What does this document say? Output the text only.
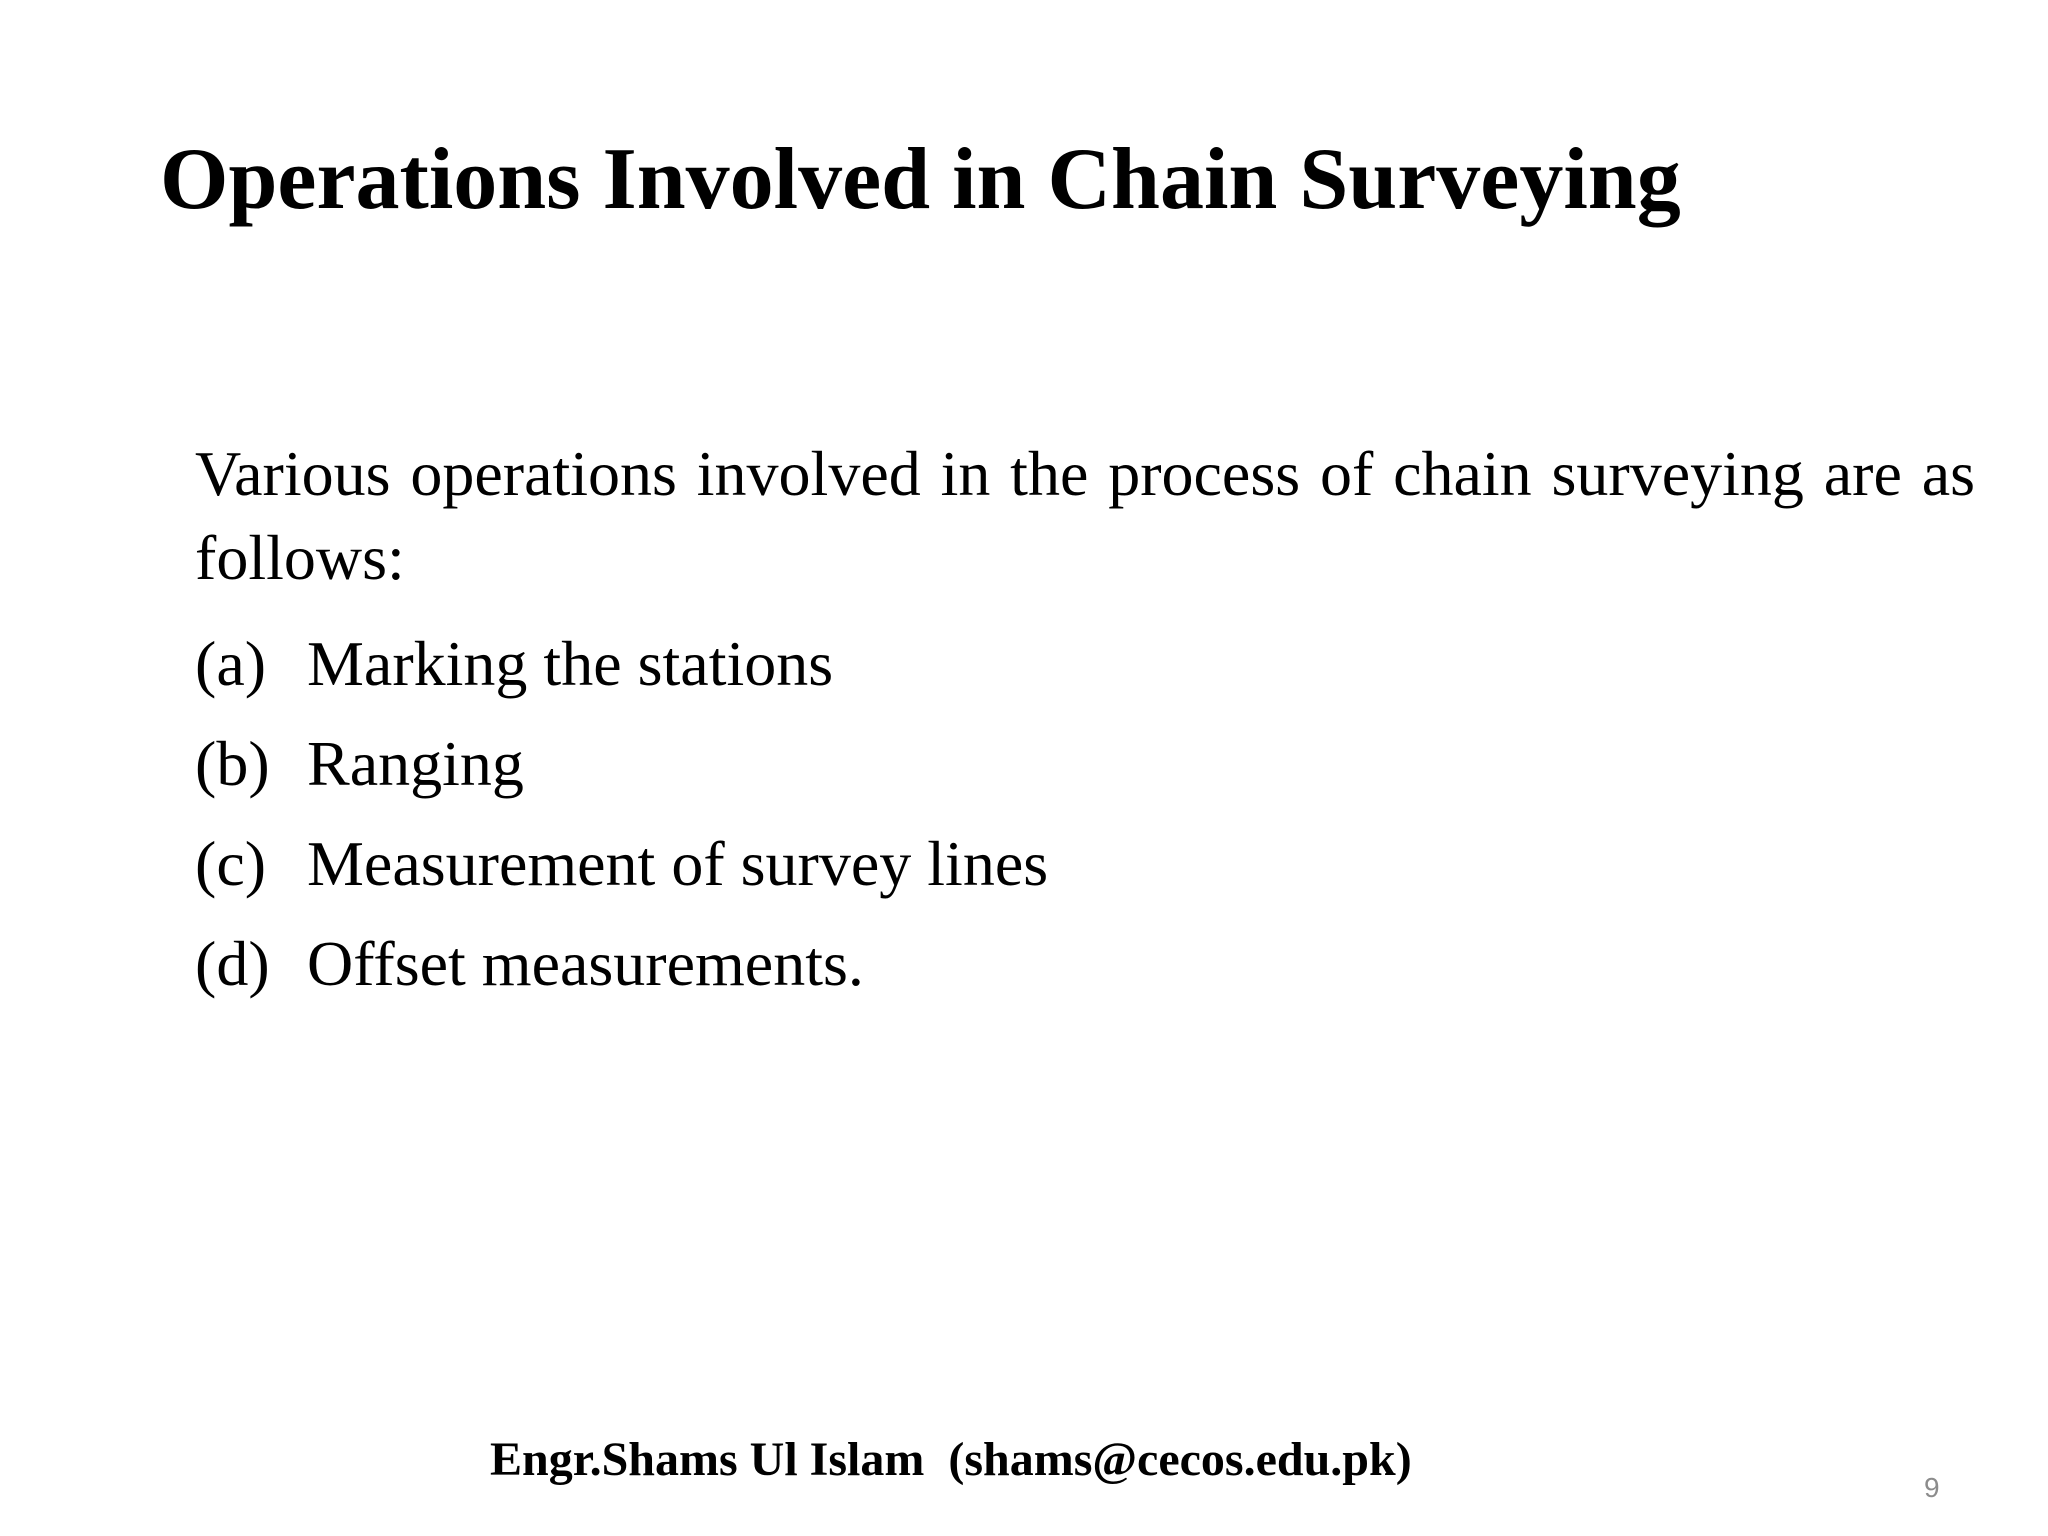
Operations Involved in Chain Surveying

Various operations involved in the process of chain surveying are as follows:

(a) Marking the stations
(b) Ranging
(c) Measurement of survey lines
(d) Offset measurements.
Engr.Shams Ul Islam  (shams@cecos.edu.pk)
9
